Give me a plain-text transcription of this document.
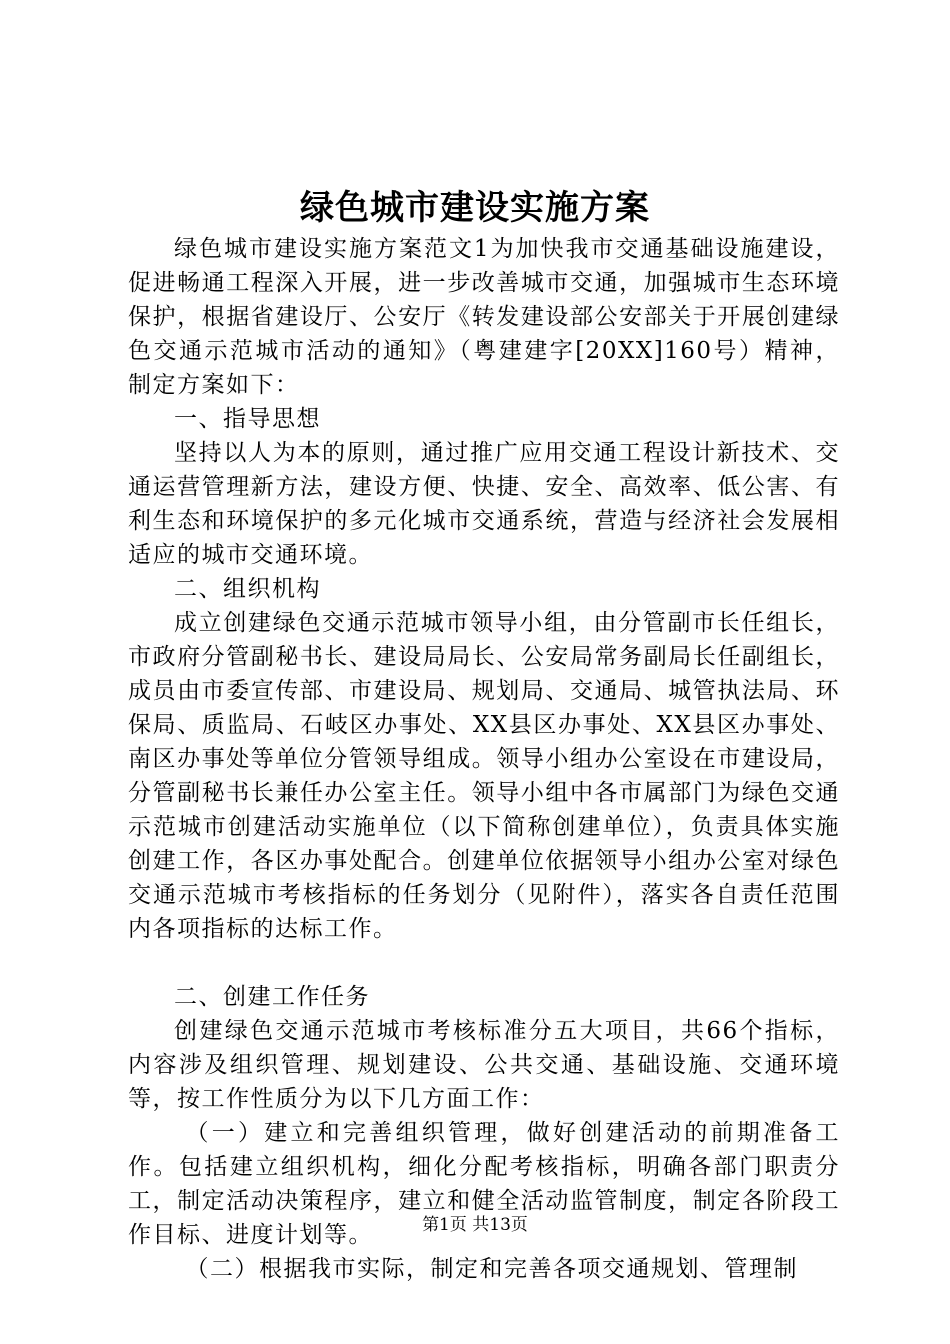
绿色城市建设实施方案

绿色城市建设实施方案范文1为加快我市交通基础设施建设，促进畅通工程深入开展，进一步改善城市交通，加强城市生态环境保护，根据省建设厅、公安厅《转发建设部公安部关于开展创建绿色交通示范城市活动的通知》（粤建建字[20XX]160号）精神，制定方案如下：

一、指导思想

坚持以人为本的原则，通过推广应用交通工程设计新技术、交通运营管理新方法，建设方便、快捷、安全、高效率、低公害、有利生态和环境保护的多元化城市交通系统，营造与经济社会发展相适应的城市交通环境。

二、组织机构

成立创建绿色交通示范城市领导小组，由分管副市长任组长，市政府分管副秘书长、建设局局长、公安局常务副局长任副组长，成员由市委宣传部、市建设局、规划局、交通局、城管执法局、环保局、质监局、石岐区办事处、XX县区办事处、XX县区办事处、南区办事处等单位分管领导组成。领导小组办公室设在市建设局，分管副秘书长兼任办公室主任。领导小组中各市属部门为绿色交通示范城市创建活动实施单位（以下简称创建单位），负责具体实施创建工作，各区办事处配合。创建单位依据领导小组办公室对绿色交通示范城市考核指标的任务划分（见附件），落实各自责任范围内各项指标的达标工作。

二、创建工作任务

创建绿色交通示范城市考核标准分五大项目，共66个指标，内容涉及组织管理、规划建设、公共交通、基础设施、交通环境等，按工作性质分为以下几方面工作：

（一）建立和完善组织管理，做好创建活动的前期准备工作。包括建立组织机构，细化分配考核指标，明确各部门职责分工，制定活动决策程序，建立和健全活动监管制度，制定各阶段工作目标、进度计划等。

（二）根据我市实际，制定和完善各项交通规划、管理制

第1页 共13页
